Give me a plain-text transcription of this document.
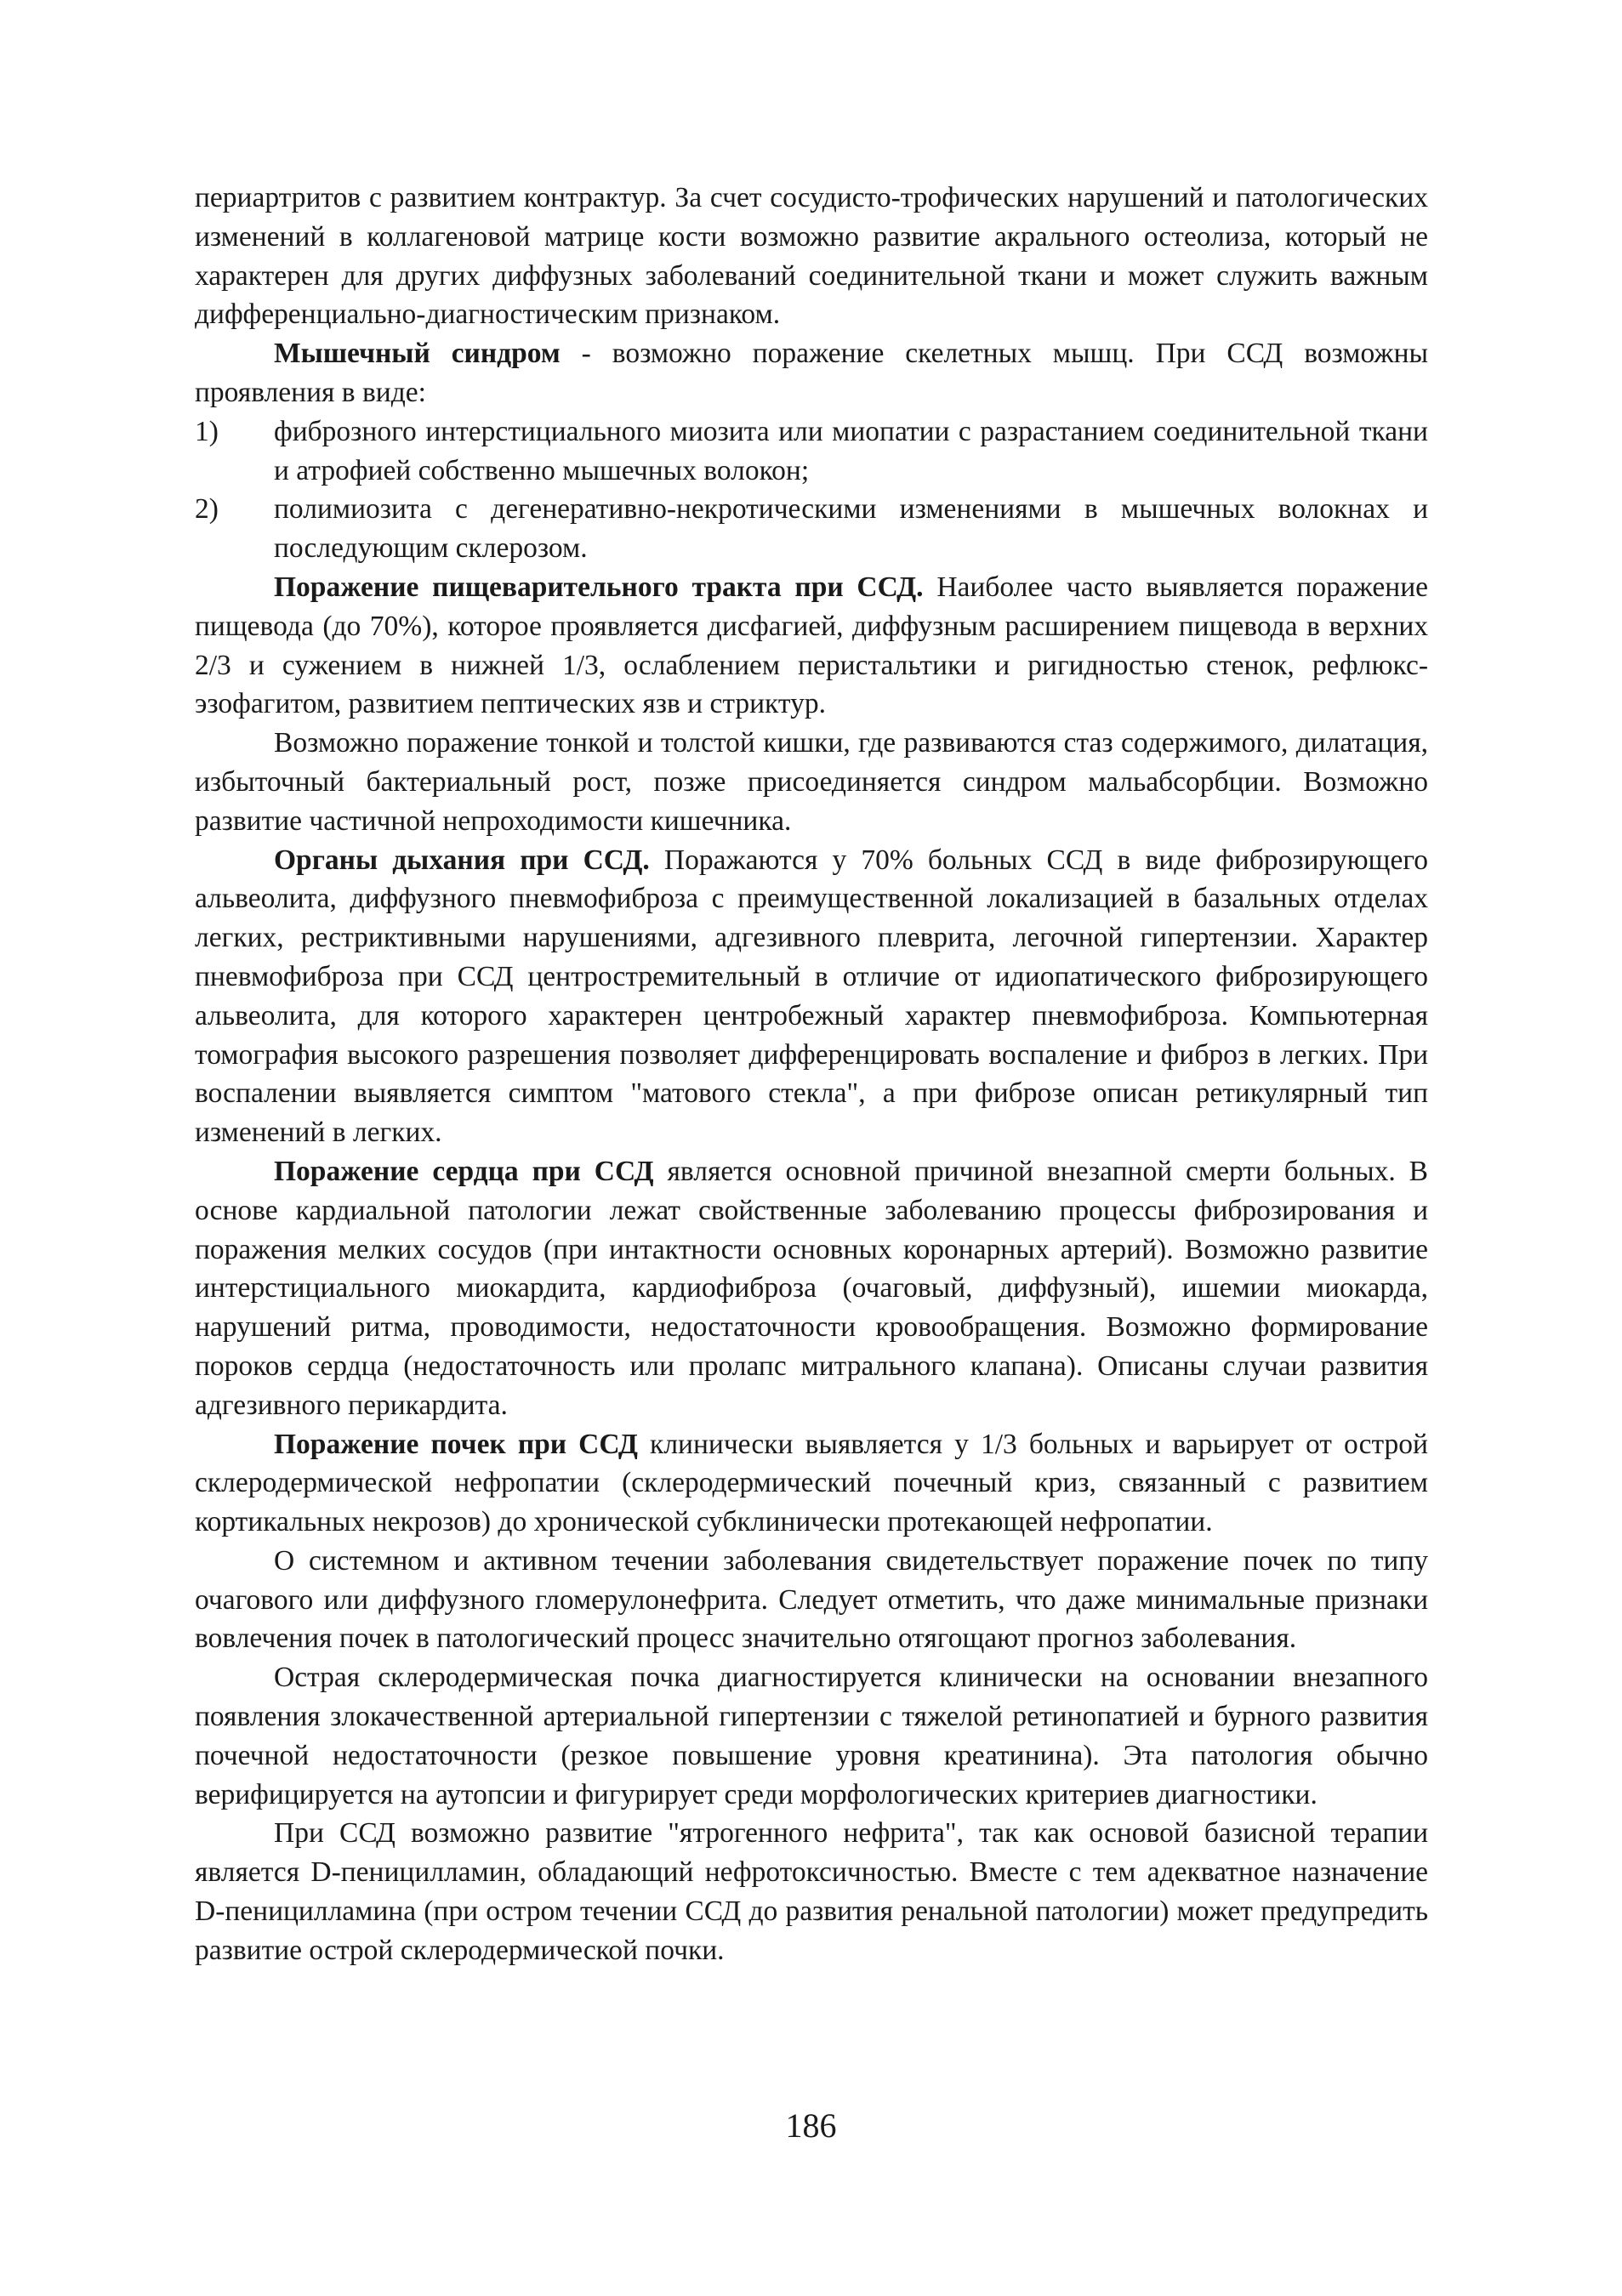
периартритов с развитием контрактур. За счет сосудисто-трофических нарушений и патологических изменений в коллагеновой матрице кости возможно развитие акрального остеолиза, который не характерен для других диффузных заболеваний соединительной ткани и может служить важным дифференциально-диагностическим признаком.

Мышечный синдром - возможно поражение скелетных мышц. При ССД возможны проявления в виде:

1)	фиброзного интерстициального миозита или миопатии с разрастанием соединительной ткани и атрофией собственно мышечных волокон;
2)	полимиозита с дегенеративно-некротическими изменениями в мышечных волокнах и последующим склерозом.

Поражение пищеварительного тракта при ССД. Наиболее часто выявляется поражение пищевода (до 70%), которое проявляется дисфагией, диффузным расширением пищевода в верхних 2/3 и сужением в нижней 1/3, ослаблением перистальтики и ригидностью стенок, рефлюкс-эзофагитом, развитием пептических язв и стриктур.

Возможно поражение тонкой и толстой кишки, где развиваются стаз содержимого, дилатация, избыточный бактериальный рост, позже присоединяется синдром мальабсорбции. Возможно развитие частичной непроходимости кишечника.

Органы дыхания при ССД. Поражаются у 70% больных ССД в виде фиброзирующего альвеолита, диффузного пневмофиброза с преимущественной локализацией в базальных отделах легких, рестриктивными нарушениями, адгезивного плеврита, легочной гипертензии. Характер пневмофиброза при ССД центростремительный в отличие от идиопатического фиброзирующего альвеолита, для которого характерен центробежный характер пневмофиброза. Компьютерная томография высокого разрешения позволяет дифференцировать воспаление и фиброз в легких. При воспалении выявляется симптом "матового стекла", а при фиброзе описан ретикулярный тип изменений в легких.

Поражение сердца при ССД является основной причиной внезапной смерти больных. В основе кардиальной патологии лежат свойственные заболеванию процессы фиброзирования и поражения мелких сосудов (при интактности основных коронарных артерий). Возможно развитие интерстициального миокардита, кардиофиброза (очаговый, диффузный), ишемии миокарда, нарушений ритма, проводимости, недостаточности кровообращения. Возможно формирование пороков сердца (недостаточность или пролапс митрального клапана). Описаны случаи развития адгезивного перикардита.

Поражение почек при ССД клинически выявляется у 1/3 больных и варьирует от острой склеродермической нефропатии (склеродермический почечный криз, связанный с развитием кортикальных некрозов) до хронической субклинически протекающей нефропатии.

О системном и активном течении заболевания свидетельствует поражение почек по типу очагового или диффузного гломерулонефрита. Следует отметить, что даже минимальные признаки вовлечения почек в патологический процесс значительно отягощают прогноз заболевания.

Острая склеродермическая почка диагностируется клинически на основании внезапного появления злокачественной артериальной гипертензии с тяжелой ретинопатией и бурного развития почечной недостаточности (резкое повышение уровня креатинина). Эта патология обычно верифицируется на аутопсии и фигурирует среди морфологических критериев диагностики.

При ССД возможно развитие "ятрогенного нефрита", так как основой базисной терапии является D-пеницилламин, обладающий нефротоксичностью. Вместе с тем адекватное назначение D-пеницилламина (при остром течении ССД до развития ренальной патологии) может предупредить развитие острой склеродермической почки.

186
